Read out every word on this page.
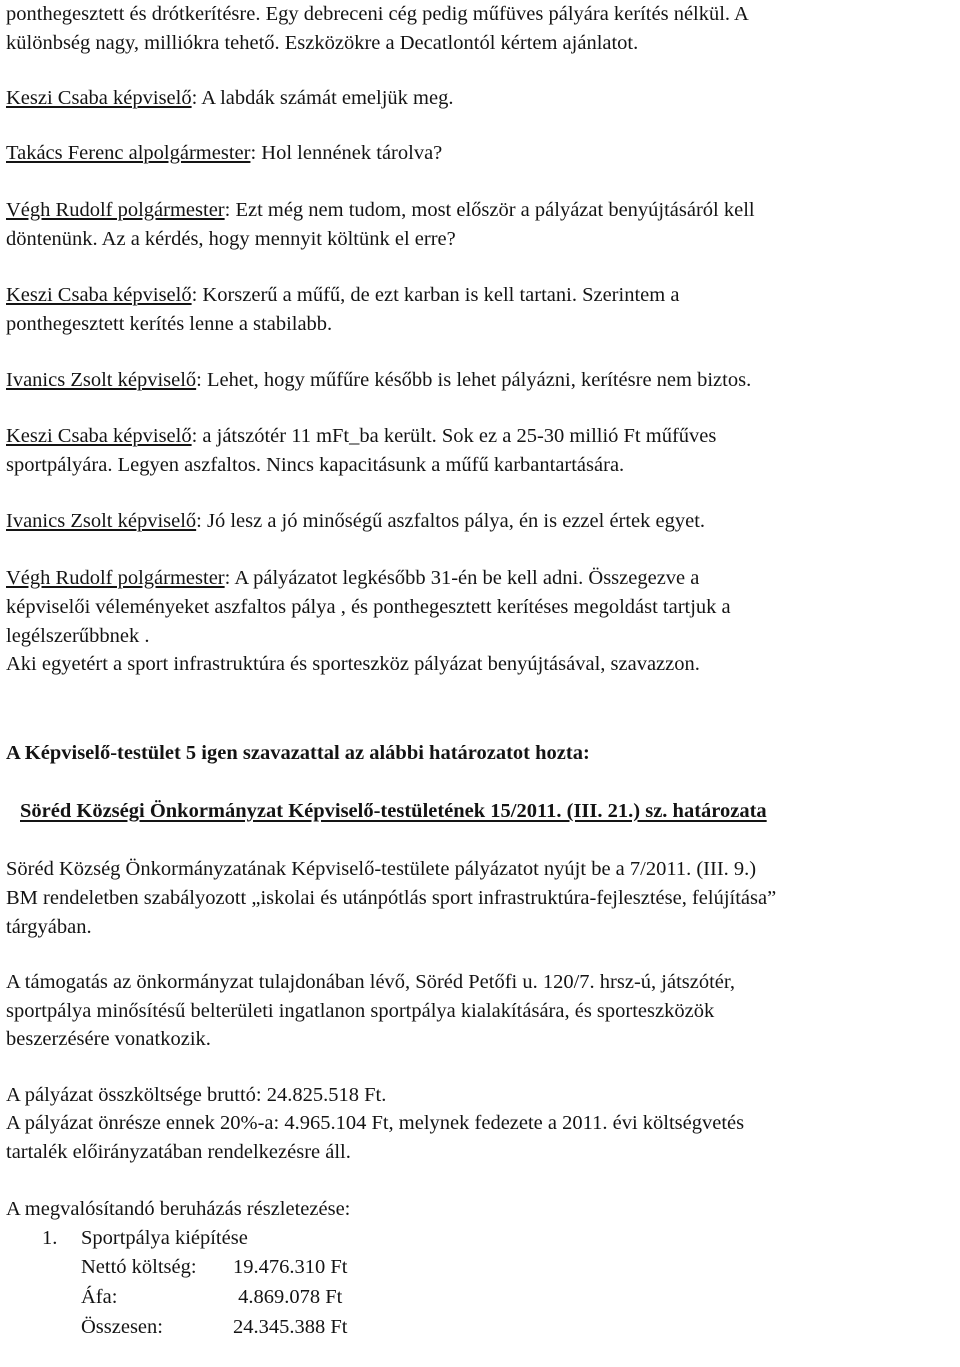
ponthegesztett és drótkerítésre. Egy debreceni cég pedig műfüves pályára kerítés nélkül. A
különbség nagy, milliókra tehető. Eszközökre a Decatlontól kértem ajánlatot.
Keszi Csaba képviselő: A labdák számát emeljük meg.
Takács Ferenc alpolgármester: Hol lennének tárolva?
Végh Rudolf polgármester: Ezt még nem tudom, most először a pályázat benyújtásáról kell
döntenünk. Az a kérdés, hogy mennyit költünk el erre?
Keszi Csaba képviselő: Korszerű a műfű, de ezt karban is kell tartani. Szerintem a
ponthegesztett kerítés lenne a stabilabb.
Ivanics Zsolt képviselő: Lehet, hogy műfűre később is lehet pályázni, kerítésre nem biztos.
Keszi Csaba képviselő: a játszótér 11 mFt_ba került. Sok ez a 25-30 millió Ft műfűves
sportpályára. Legyen aszfaltos. Nincs kapacitásunk a műfű karbantartására.
Ivanics Zsolt képviselő: Jó lesz a jó minőségű aszfaltos pálya, én is ezzel értek egyet.
Végh Rudolf polgármester: A pályázatot legkésőbb 31-én be kell adni. Összegezve a
képviselői véleményeket aszfaltos pálya , és ponthegesztett kerítéses megoldást tartjuk a
legélszerűbbnek .
Aki egyetért a sport infrastruktúra és sporteszköz pályázat benyújtásával, szavazzon.
A Képviselő-testület 5 igen szavazattal az alábbi határozatot hozta:
Söréd Községi Önkormányzat Képviselő-testületének 15/2011. (III. 21.) sz. határozata
Söréd Község Önkormányzatának Képviselő-testülete pályázatot nyújt be a 7/2011. (III. 9.)
BM rendeletben szabályozott „iskolai és utánpótlás sport infrastruktúra-fejlesztése, felújítása”
tárgyában.
A támogatás az önkormányzat tulajdonában lévő, Söréd Petőfi u. 120/7. hrsz-ú, játszótér,
sportpálya minősítésű belterületi ingatlanon sportpálya kialakítására, és sporteszközök
beszerzésére vonatkozik.
A pályázat összköltsége bruttó: 24.825.518 Ft.
A pályázat önrésze ennek 20%-a: 4.965.104 Ft, melynek fedezete a 2011. évi költségvetés
tartalék előirányzatában rendelkezésre áll.
A megvalósítandó beruházás részletezése:
1. Sportpálya kiépítése
Nettó költség: 19.476.310 Ft
Áfa:	4.869.078 Ft
Összesen:	24.345.388 Ft
